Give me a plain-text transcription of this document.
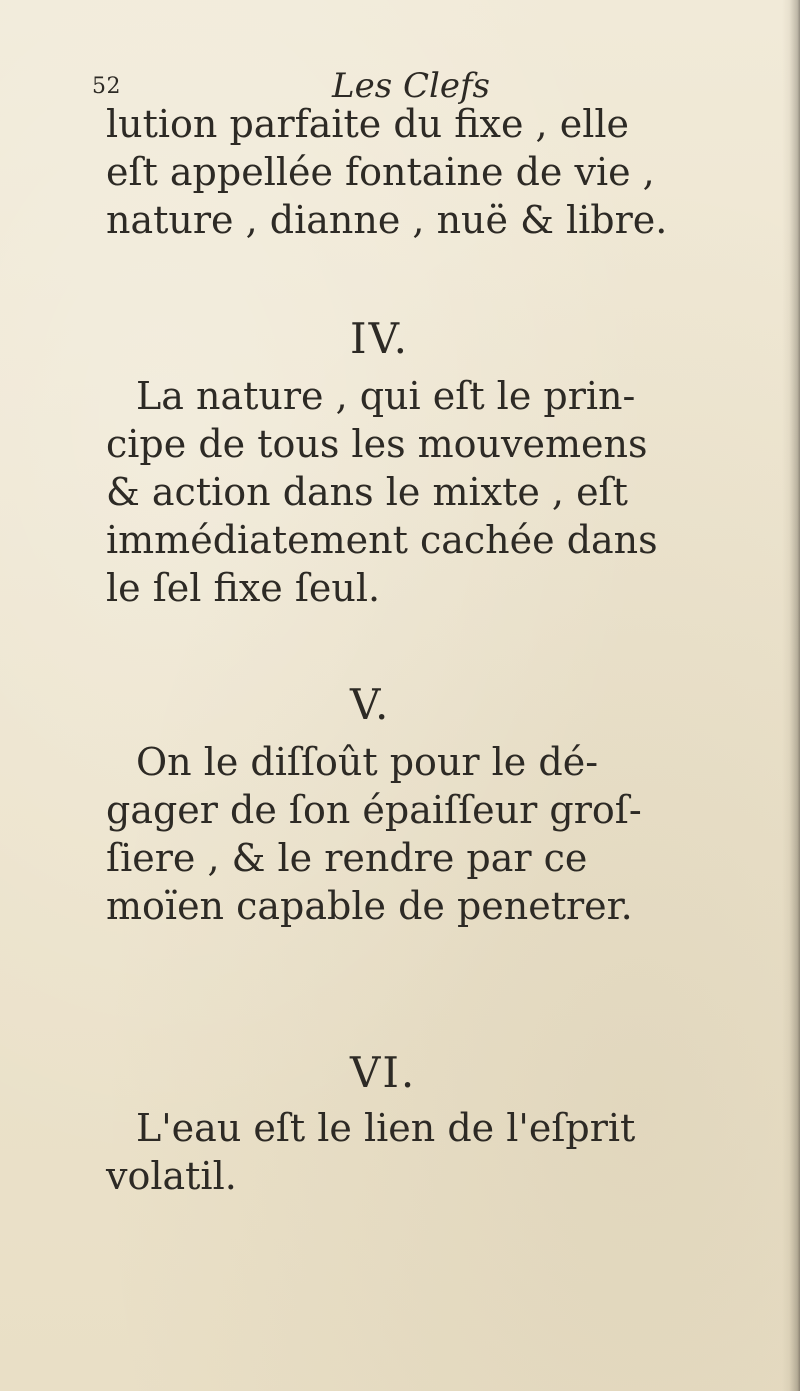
52	Les Clefs
lution parfaite du fixe , elle
eſt appellée fontaine de vie ,
nature , dianne , nuë & libre.
IV.
La nature , qui eſt le prin-
cipe de tous les mouvemens
& action dans le mixte , eſt
immédiatement cachée dans
le ſel fixe ſeul.
V.
On le diſſoût pour le dé-
gager de ſon épaiſſeur groſ-
ſiere , & le rendre par ce
moïen capable de penetrer.
VI.
L'eau eſt le lien de l'eſprit
volatil.
